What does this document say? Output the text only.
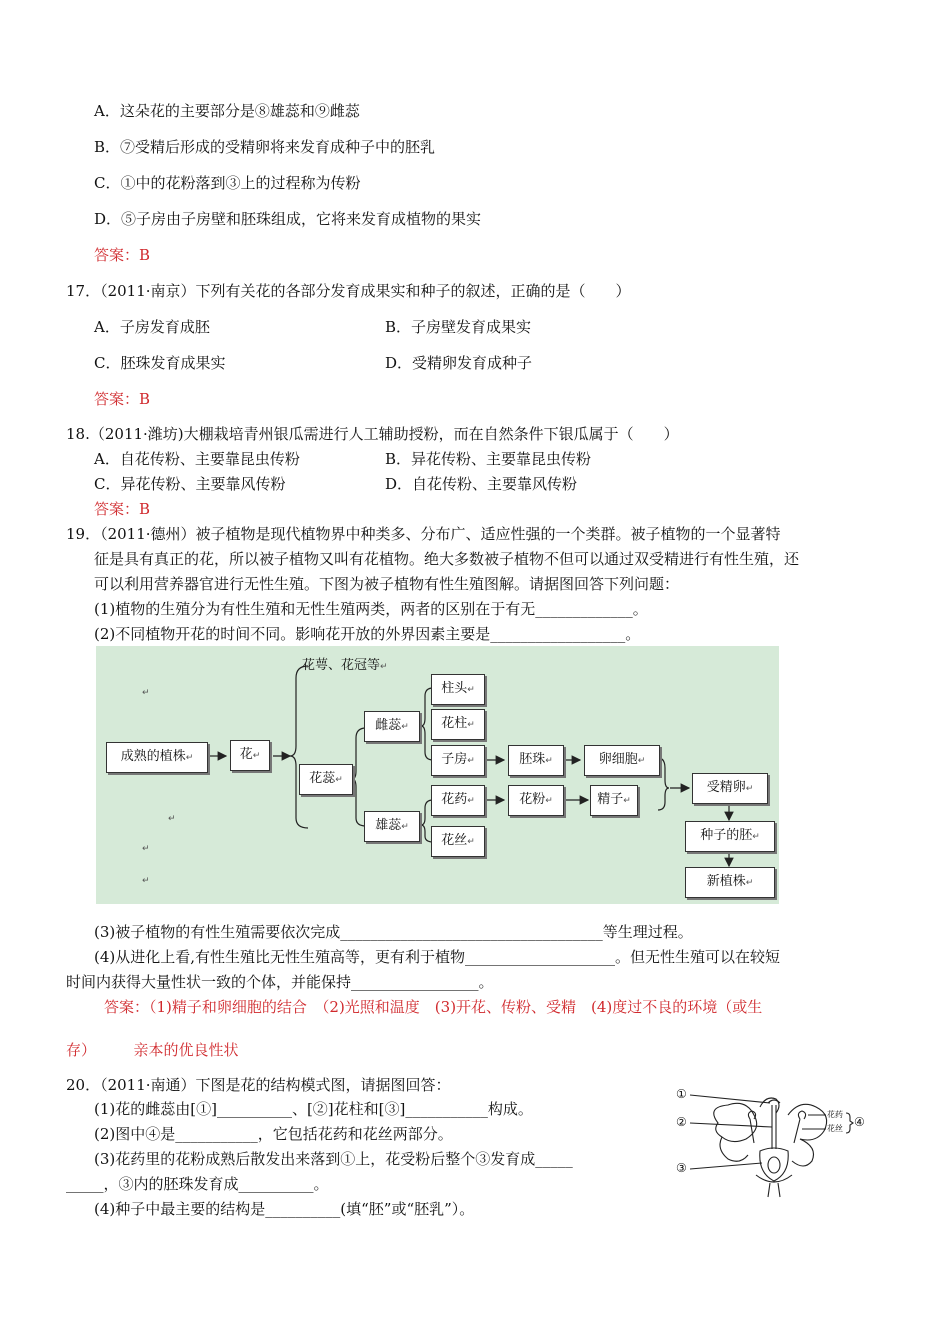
A．这朵花的主要部分是⑧雄蕊和⑨雌蕊
B．⑦受精后形成的受精卵将来发育成种子中的胚乳
C．①中的花粉落到③上的过程称为传粉
D．⑤子房由子房壁和胚珠组成，它将来发育成植物的果实
答案：B
17．（2011·南京）下列有关花的各部分发育成果实和种子的叙述，正确的是（　　）
A．子房发育成胚	B．子房壁发育成果实
C．胚珠发育成果实	D．受精卵发育成种子
答案：B
18.（2011·潍坊)大棚栽培青州银瓜需进行人工辅助授粉，而在自然条件下银瓜属于（　　）
A．自花传粉、主要靠昆虫传粉	B．异花传粉、主要靠昆虫传粉
C．异花传粉、主要靠风传粉	D．自花传粉、主要靠风传粉
答案：B
19．（2011·德州）被子植物是现代植物界中种类多、分布广、适应性强的一个类群。被子植物的一个显著特
征是具有真正的花，所以被子植物又叫有花植物。绝大多数被子植物不但可以通过双受精进行有性生殖，还
可以利用营养器官进行无性生殖。下图为被子植物有性生殖图解。请据图回答下列问题：
(1)植物的生殖分为有性生殖和无性生殖两类，两者的区别在于有无_____________。
(2)不同植物开花的时间不同。影响花开放的外界因素主要是__________________。
花萼、花冠等↵
↵
↵
↵
↵
成熟的植株↵	花↵
花蕊↵
雌蕊↵
雄蕊↵
柱头↵
花柱↵
子房↵
花药↵
花丝↵
胚珠↵
花粉↵
卵细胞↵
精子↵
受精卵↵
种子的胚↵
新植株↵
(3)被子植物的有性生殖需要依次完成___________________________________等生理过程。
(4)从进化上看,有性生殖比无性生殖高等，更有利于植物____________________。但无性生殖可以在较短
时间内获得大量性状一致的个体，并能保持_________________。
答案：（1)精子和卵细胞的结合　（2)光照和温度　(3)开花、传粉、受精　(4)度过不良的环境（或生
存）　　　亲本的优良性状
20．（2011·南通）下图是花的结构模式图，请据图回答：
(1)花的雌蕊由[①]__________、[②]花柱和[③]___________构成。
(2)图中④是___________，它包括花药和花丝两部分。
(3)花药里的花粉成熟后散发出来落到①上，花受粉后整个③发育成_____
_____，③内的胚珠发育成__________。
(4)种子中最主要的结构是__________(填“胚”或“胚乳”）。
①
②
③
④
花药
花丝
